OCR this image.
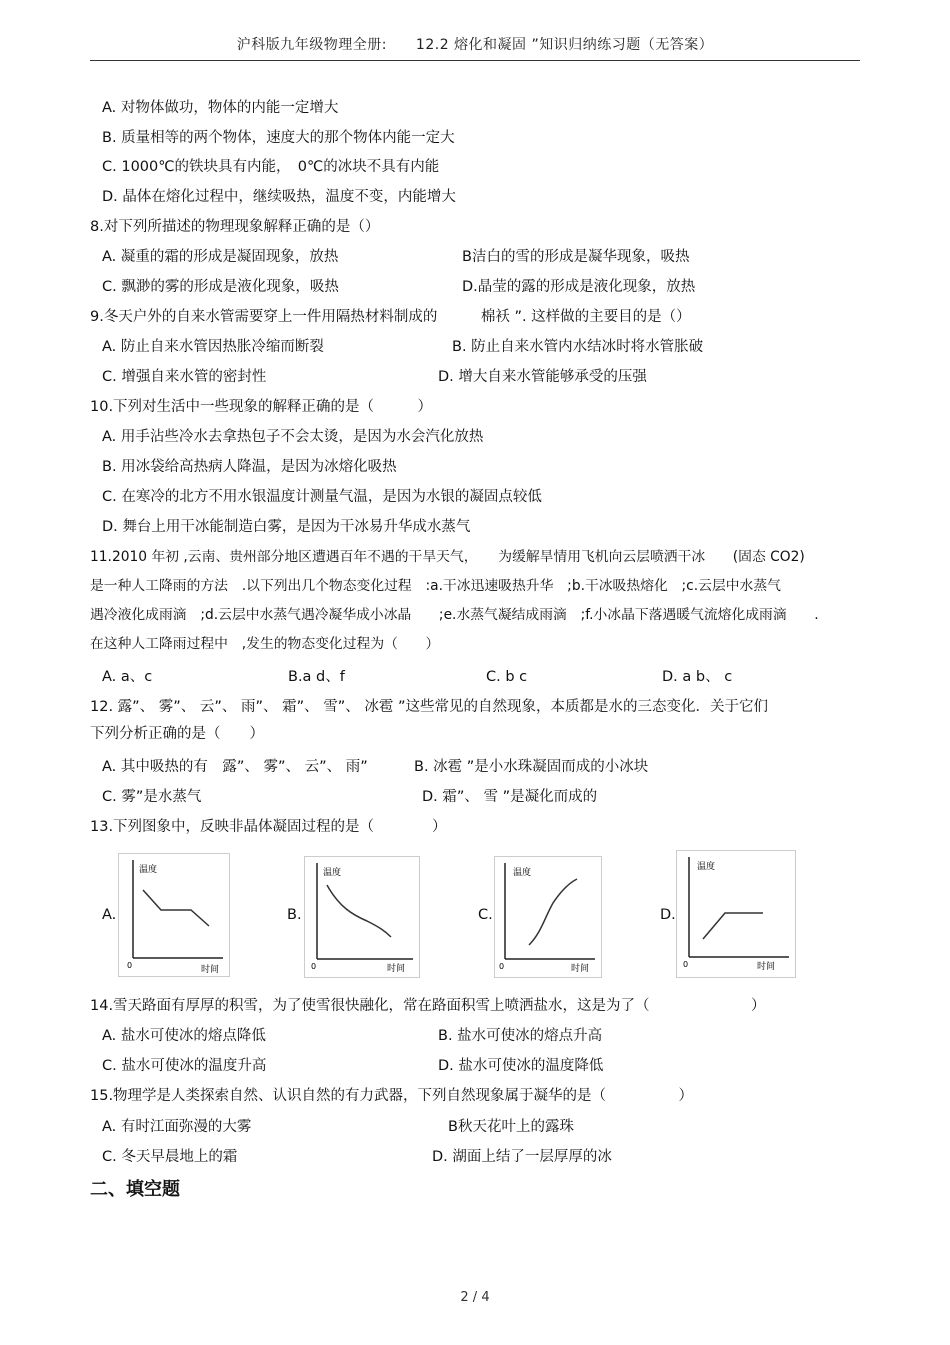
沪科版九年级物理全册:　　12.2 熔化和凝固 ”知识归纳练习题（无答案）
A. 对物体做功，物体的内能一定增大
B. 质量相等的两个物体，速度大的那个物体内能一定大
C. 1000℃的铁块具有内能，　0℃的冰块不具有内能
D. 晶体在熔化过程中，继续吸热，温度不变，内能增大
8.对下列所描述的物理现象解释正确的是（）
A. 凝重的霜的形成是凝固现象，放热	B洁白的雪的形成是凝华现象，吸热
C. 飘渺的雾的形成是液化现象，吸热	D.晶莹的露的形成是液化现象，放热
9.冬天户外的自来水管需要穿上一件用隔热材料制成的　　　棉袄 ”. 这样做的主要目的是（）
A. 防止自来水管因热胀冷缩而断裂	B. 防止自来水管内水结冰时将水管胀破
C. 增强自来水管的密封性	D. 增大自来水管能够承受的压强
10.下列对生活中一些现象的解释正确的是（　　　）
A. 用手沾些冷水去拿热包子不会太烫，是因为水会汽化放热
B. 用冰袋给高热病人降温，是因为冰熔化吸热
C. 在寒冷的北方不用水银温度计测量气温，是因为水银的凝固点较低
D. 舞台上用干冰能制造白雾，是因为干冰易升华成水蒸气
11.2010 年初 ,云南、贵州部分地区遭遇百年不遇的干旱天气，　　为缓解旱情用飞机向云层喷洒干冰　　(固态 CO2)
是一种人工降雨的方法　.以下列出几个物态变化过程　:a.干冰迅速吸热升华　;b.干冰吸热熔化　;c.云层中水蒸气
遇冷液化成雨滴　;d.云层中水蒸气遇冷凝华成小冰晶　　;e.水蒸气凝结成雨滴　;f.小冰晶下落遇暖气流熔化成雨滴　　.
在这种人工降雨过程中　,发生的物态变化过程为（　　）
A. a、c	B.a d、f	C. b c	D. a b、 c
12. 露”、 雾”、 云”、 雨”、 霜”、 雪”、 冰雹 ”这些常见的自然现象，本质都是水的三态变化．关于它们
下列分析正确的是（　　）
A. 其中吸热的有　露”、 雾”、 云”、 雨”	B. 冰雹 ”是小水珠凝固而成的小冰块
C. 雾”是水蒸气	D. 霜”、 雪 ”是凝化而成的
13.下列图象中，反映非晶体凝固过程的是（　　　　）
A.
温度
时间
0
B.
温度
时间
0
C.
温度
时间
0
D.
温度
时间
0
14.雪天路面有厚厚的积雪，为了使雪很快融化，常在路面积雪上喷洒盐水，这是为了（　　　　　　　）
A. 盐水可使冰的熔点降低	B. 盐水可使冰的熔点升高
C. 盐水可使冰的温度升高	D. 盐水可使冰的温度降低
15.物理学是人类探索自然、认识自然的有力武器，下列自然现象属于凝华的是（　　　　　）
A. 有时江面弥漫的大雾	B秋天花叶上的露珠
C. 冬天早晨地上的霜	D. 湖面上结了一层厚厚的冰
二、填空题
2 / 4
